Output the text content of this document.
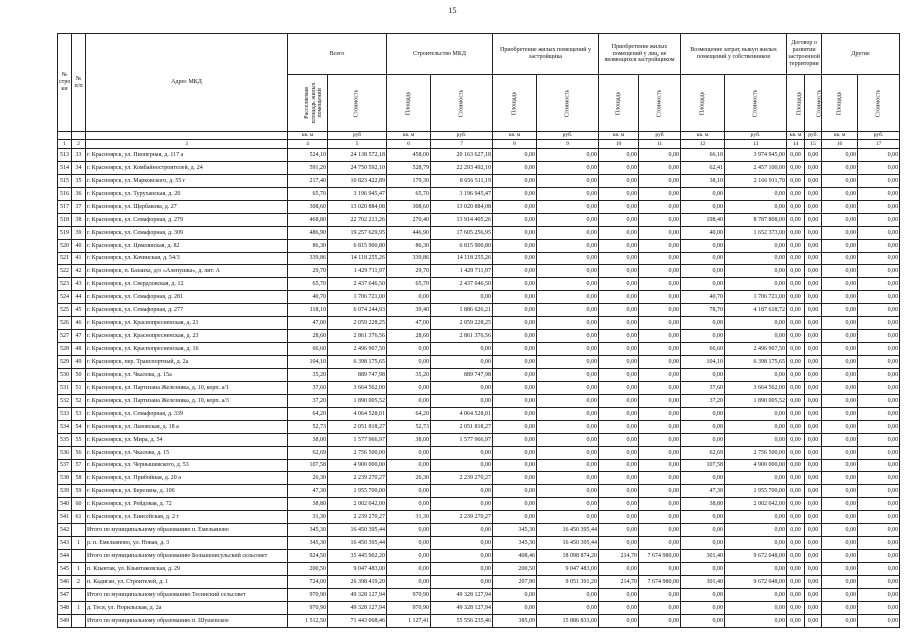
15
№ стро ки	№ п/п	Адрес МКД	Всего		Строительство МКД		Приобретение жилых помещений у застройщика		Приобретение жилых помещений у лиц, не являющихся застройщиком		Возмещение затрат, выкуп жилых помещений у собственников		Договор о развитии застроенной территории		Другие	
			Расселяемая площадь жилых помещений	Стоимость	Площадь	Стоимость	Площадь	Стоимость	Площадь	Стоимость	Площадь	Стоимость	Площадь	Стоимость	Площадь	Стоимость
			кв. м	руб	кв. м	руб.	кв. м	руб.	кв. м	руб	кв. м	руб.	кв. м	руб.	кв. м	руб.
1	2	3	4	5	6	7	8	9	10	11	12	13	14	15	16	17
513	33	г. Красноярск, ул. Пионерная, д. 117 а	524,10	24 138 572,18	458,00	20 163 627,18	0,00	0,00	0,00	0,00	66,10	3 974 945,00	0,00	0,00	0,00	0,00
514	34	г. Красноярск, ул. Комбайностроителей, д. 24	591,20	24 750 592,10	528,79	22 293 492,10	0,00	0,00	0,00	0,00	62,41	2 457 100,00	0,00	0,00	0,00	0,00
515	35	г. Красноярск, ул. Марковского, д. 55 г	217,40	10 823 422,89	179,30	8 656 511,19	0,00	0,00	0,00	0,00	38,10	2 166 911,70	0,00	0,00	0,00	0,00
516	36	г. Красноярск, ул. Туруханская, д. 20	65,70	3 196 945,47	65,70	3 196 945,47	0,00	0,00	0,00	0,00	0,00	0,00	0,00	0,00	0,00	0,00
517	37	г. Красноярск, ул. Щербакова, д. 27	308,60	13 020 884,08	308,60	13 020 884,08	0,00	0,00	0,00	0,00	0,00	0,00	0,00	0,00	0,00	0,00
518	38	г. Красноярск, ул. Семафорная, д. 279	468,80	22 702 213,26	270,40	13 914 405,26	0,00	0,00	0,00	0,00	198,40	8 787 808,00	0,00	0,00	0,00	0,00
519	39	г. Красноярск, ул. Семафорная, д. 309	486,90	19 257 629,95	446,90	17 605 256,95	0,00	0,00	0,00	0,00	40,00	1 652 373,00	0,00	0,00	0,00	0,00
520	40	г. Красноярск, ул. Цимлянская, д. 82	86,30	6 815 900,80	86,30	6 815 900,80	0,00	0,00	0,00	0,00	0,00	0,00	0,00	0,00	0,00	0,00
521	41	г. Красноярск, ул. Качинская, д. 54/3	339,86	14 118 255,26	339,86	14 118 255,26	0,00	0,00	0,00	0,00	0,00	0,00	0,00	0,00	0,00	0,00
522	42	г. Красноярск, п. Базаиха, д/о «Аленушка», д. лит. А	29,70	1 429 711,97	29,70	1 429 711,97	0,00	0,00	0,00	0,00	0,00	0,00	0,00	0,00	0,00	0,00
523	43	г. Красноярск, ул. Свердловская, д. 12	65,70	2 437 646,50	65,70	2 437 646,50	0,00	0,00	0,00	0,00	0,00	0,00	0,00	0,00	0,00	0,00
524	44	г. Красноярск, ул. Семафорная, д. 281	40,70	1 706 721,00	0,00	0,00	0,00	0,00	0,00	0,00	40,70	1 706 721,00	0,00	0,00	0,00	0,00
525	45	г. Красноярск, ул. Семафорная, д. 277	118,10	6 074 244,93	39,40	1 886 626,21	0,00	0,00	0,00	0,00	78,70	4 187 618,72	0,00	0,00	0,00	0,00
526	46	г. Красноярск, ул. Краснопресненская, д. 21	47,00	2 059 228,25	47,00	2 059 228,25	0,00	0,00	0,00	0,00	0,00	0,00	0,00	0,00	0,00	0,00
527	47	г. Красноярск, ул. Краснопресненская, д. 23	28,60	2 861 376,56	28,60	2 861 376,56	0,00	0,00	0,00	0,00	0,00	0,00	0,00	0,00	0,00	0,00
528	48	г. Красноярск, ул. Краснопресненская, д. 16	66,60	2 496 967,50	0,00	0,00	0,00	0,00	0,00	0,00	66,60	2 496 967,50	0,00	0,00	0,00	0,00
529	49	г. Красноярск, пер. Транспортный, д. 2а	104,10	6 398 175,65	0,00	0,00	0,00	0,00	0,00	0,00	104,10	6 398 175,65	0,00	0,00	0,00	0,00
530	50	г. Красноярск, ул. Чкалова, д. 15а	35,20	889 747,98	35,20	889 747,98	0,00	0,00	0,00	0,00	0,00	0,00	0,00	0,00	0,00	0,00
531	51	г. Красноярск, ул. Партизана Железняка, д. 10, корп. а/1	37,60	3 664 562,00	0,00	0,00	0,00	0,00	0,00	0,00	37,60	3 664 562,00	0,00	0,00	0,00	0,00
532	52	г. Красноярск, ул. Партизана Железняка, д. 10, корп. а/3	37,20	1 890 005,52	0,00	0,00	0,00	0,00	0,00	0,00	37,20	1 890 005,52	0,00	0,00	0,00	0,00
533	53	г. Красноярск, ул. Семафорная, д. 339	64,20	4 064 528,01	64,20	4 064 528,01	0,00	0,00	0,00	0,00	0,00	0,00	0,00	0,00	0,00	0,00
534	54	г. Красноярск, ул. Львовская, д. 18 а	52,73	2 051 818,27	52,73	2 051 818,27	0,00	0,00	0,00	0,00	0,00	0,00	0,00	0,00	0,00	0,00
535	55	г. Красноярск, ул. Мира, д. 54	38,00	1 577 966,97	38,00	1 577 966,97	0,00	0,00	0,00	0,00	0,00	0,00	0,00	0,00	0,00	0,00
536	56	г. Красноярск, ул. Чкалова, д. 15	62,69	2 756 500,00	0,00	0,00	0,00	0,00	0,00	0,00	62,69	2 756 500,00	0,00	0,00	0,00	0,00
537	57	г. Красноярск, ул. Чернышевского, д. 53	107,58	4 900 000,00	0,00	0,00	0,00	0,00	0,00	0,00	107,58	4 900 000,00	0,00	0,00	0,00	0,00
538	58	г. Красноярск, ул. Прибойная, д. 20 а	26,30	2 239 270,27	26,30	2 239 270,27	0,00	0,00	0,00	0,00	0,00	0,00	0,00	0,00	0,00	0,00
539	59	г. Красноярск, ул. Березина, д. 106	47,30	1 955 700,00	0,00	0,00	0,00	0,00	0,00	0,00	47,30	1 955 700,00	0,00	0,00	0,00	0,00
540	60	г. Красноярск, ул. Рейдовая, д. 72	38,80	2 002 042,00	0,00	0,00	0,00	0,00	0,00	0,00	38,80	2 002 042,00	0,00	0,00	0,00	0,00
541	61	г. Красноярск, ул. Енисейская, д. 2 г	31,30	2 239 270,27	31,30	2 239 270,27	0,00	0,00	0,00	0,00	0,00	0,00	0,00	0,00	0,00	0,00
542		Итого по муниципальному образованию п. Емельяново	345,30	16 450 395,44	0,00	0,00	345,30	16 450 395,44	0,00	0,00	0,00	0,00	0,00	0,00	0,00	0,00
543	1	р. п. Емельяново, ул. Новая, д. 3	345,30	16 450 395,44	0,00	0,00	345,30	16 450 395,44	0,00	0,00	0,00	0,00	0,00	0,00	0,00	0,00
544		Итого по муниципальному образованию Большенисульский сельсовет	924,50	35 445 902,20	0,00	0,00	408,46	18 098 874,20	214,70	7 674 980,00	301,40	9 672 048,00	0,00	0,00	0,00	0,00
545	1	п. Кзынтак, ул. Кзынтаковская, д. 29	200,50	9 047 483,00	0,00	0,00	200,50	9 047 483,00	0,00	0,00	0,00	0,00	0,00	0,00	0,00	0,00
546	2	п. Кадиган, ул. Строителей, д. 1	724,00	26 398 419,20	0,00	0,00	207,90	9 051 391,20	214,70	7 674 980,00	301,40	9 672 048,00	0,00	0,00	0,00	0,00
547		Итого по муниципальному образованию Тесинский сельсовет	970,90	49 328 127,94	970,90	49 328 127,94	0,00	0,00	0,00	0,00	0,00	0,00	0,00	0,00	0,00	0,00
548	1	д. Теся, ул. Норильская, д. 2а	970,90	49 328 127,94	970,90	49 328 127,94	0,00	0,00	0,00	0,00	0,00	0,00	0,00	0,00	0,00	0,00
549		Итого по муниципальному образованию п. Шушенское	1 512,50	71 443 068,46	1 127,41	55 556 235,46	385,09	15 886 833,00	0,00	0,00	0,00	0,00	0,00	0,00	0,00	0,00
